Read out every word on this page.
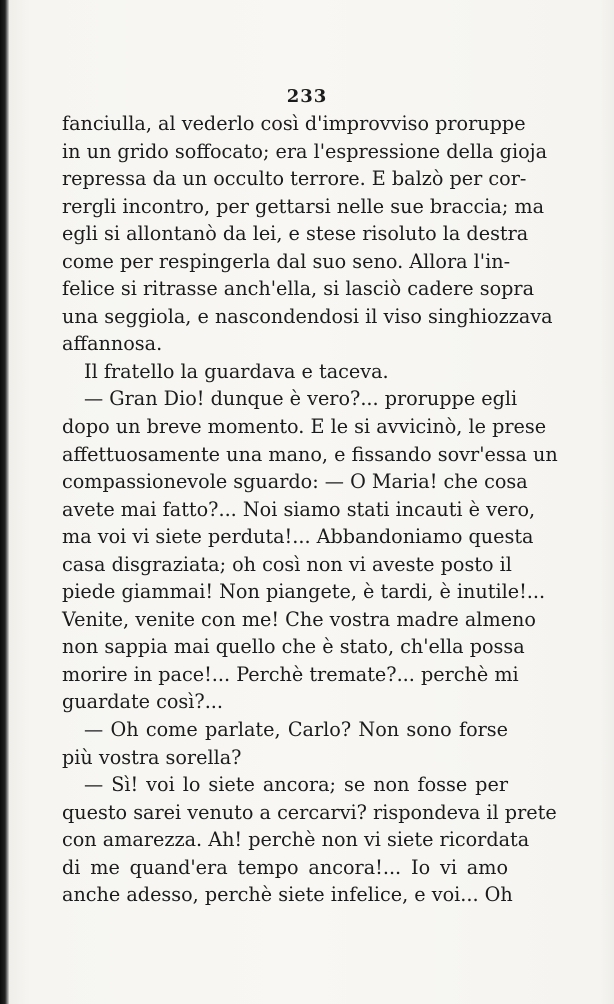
233
fanciulla, al vederlo così d'improvviso proruppe
in un grido soffocato; era l'espressione della gioja
repressa da un occulto terrore. E balzò per cor-
rergli incontro, per gettarsi nelle sue braccia; ma
egli si allontanò da lei, e stese risoluto la destra
come per respingerla dal suo seno. Allora l'in-
felice si ritrasse anch'ella, si lasciò cadere sopra
una seggiola, e nascondendosi il viso singhiozzava
affannosa.
Il fratello la guardava e taceva.
— Gran Dio! dunque è vero?... proruppe egli
dopo un breve momento. E le si avvicinò, le prese
affettuosamente una mano, e fissando sovr'essa un
compassionevole sguardo: — O Maria! che cosa
avete mai fatto?... Noi siamo stati incauti è vero,
ma voi vi siete perduta!... Abbandoniamo questa
casa disgraziata; oh così non vi aveste posto il
piede giammai! Non piangete, è tardi, è inutile!...
Venite, venite con me! Che vostra madre almeno
non sappia mai quello che è stato, ch'ella possa
morire in pace!... Perchè tremate?... perchè mi
guardate così?...
— Oh come parlate, Carlo? Non sono forse
più vostra sorella?
— Sì! voi lo siete ancora; se non fosse per
questo sarei venuto a cercarvi? rispondeva il prete
con amarezza. Ah! perchè non vi siete ricordata
di me quand'era tempo ancora!... Io vi amo
anche adesso, perchè siete infelice, e voi... Oh
